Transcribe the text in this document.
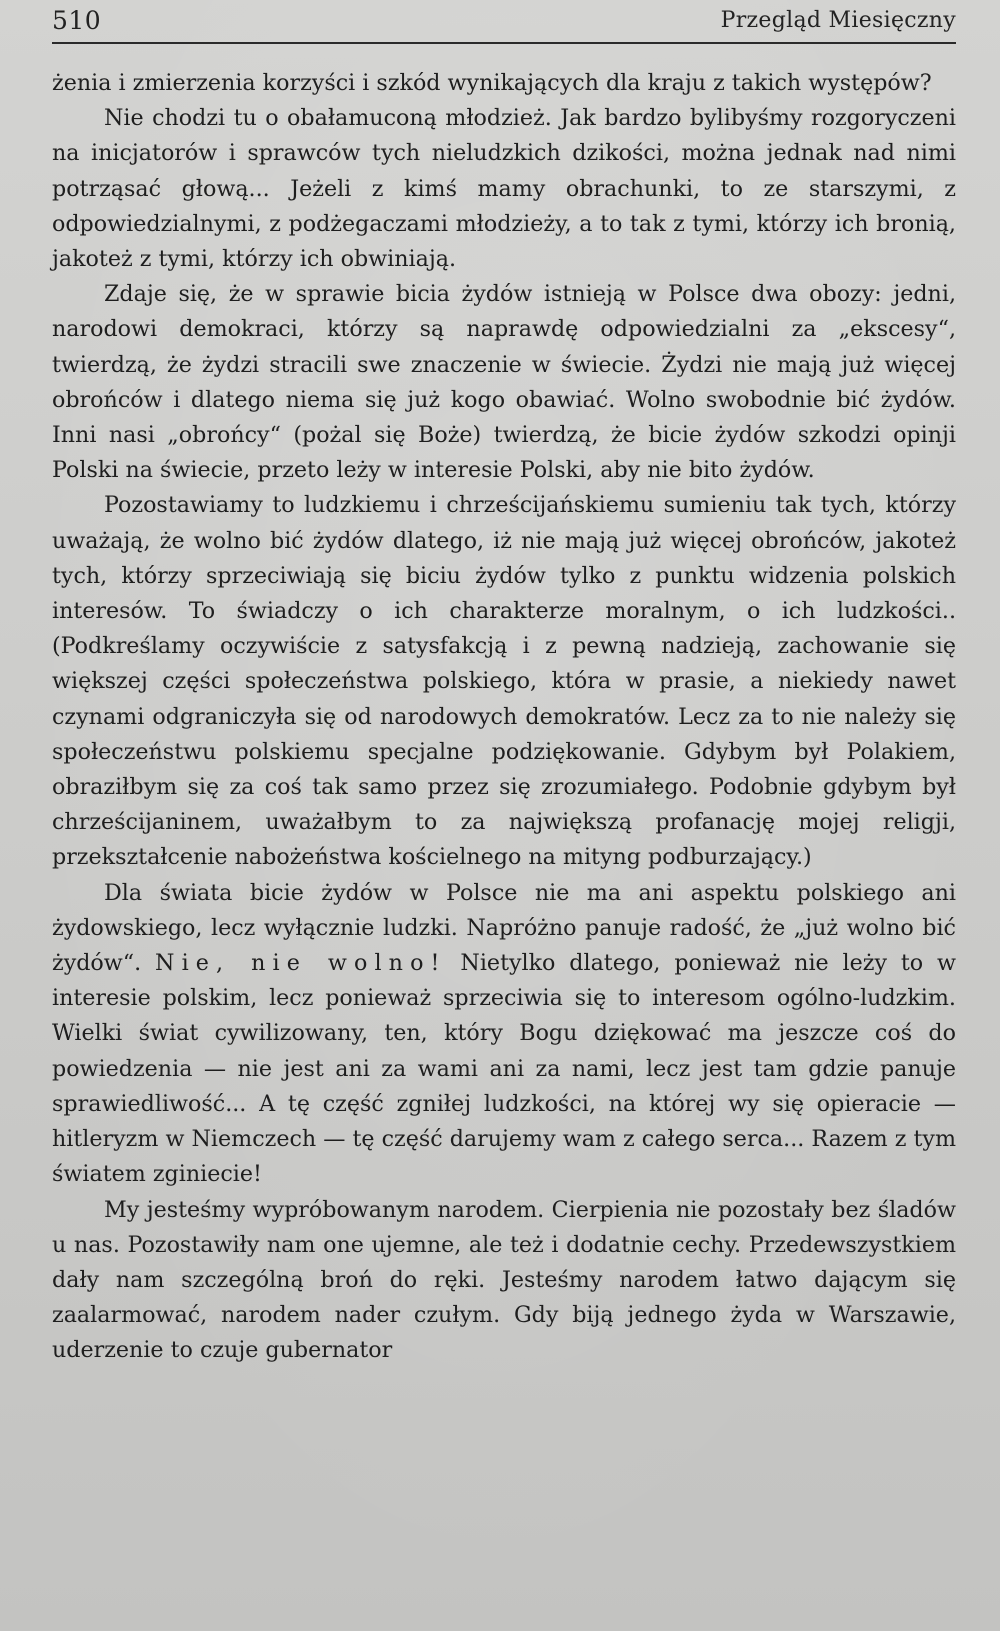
510	Przegląd Miesięczny

żenia i zmierzenia korzyści i szkód wynikających dla kraju z takich występów?

Nie chodzi tu o obałamuconą młodzież. Jak bardzo bylibyśmy rozgoryczeni na inicjatorów i sprawców tych nieludzkich dzikości, można jednak nad nimi potrząsać głową... Jeżeli z kimś mamy obrachunki, to ze starszymi, z odpowiedzialnymi, z podżegaczami młodzieży, a to tak z tymi, którzy ich bronią, jakoteż z tymi, którzy ich obwiniają.

Zdaje się, że w sprawie bicia żydów istnieją w Polsce dwa obozy: jedni, narodowi demokraci, którzy są naprawdę odpowiedzialni za „ekscesy“, twierdzą, że żydzi stracili swe znaczenie w świecie. Żydzi nie mają już więcej obrońców i dlatego niema się już kogo obawiać. Wolno swobodnie bić żydów. Inni nasi „obrońcy“ (pożal się Boże) twierdzą, że bicie żydów szkodzi opinji Polski na świecie, przeto leży w interesie Polski, aby nie bito żydów.

Pozostawiamy to ludzkiemu i chrześcijańskiemu sumieniu tak tych, którzy uważają, że wolno bić żydów dlatego, iż nie mają już więcej obrońców, jakoteż tych, którzy sprzeciwiają się biciu żydów tylko z punktu widzenia polskich interesów. To świadczy o ich charakterze moralnym, o ich ludzkości.. (Podkreślamy oczywiście z satysfakcją i z pewną nadzieją, zachowanie się większej części społeczeństwa polskiego, która w prasie, a niekiedy nawet czynami odgraniczyła się od narodowych demokratów. Lecz za to nie należy się społeczeństwu polskiemu specjalne podziękowanie. Gdybym był Polakiem, obraziłbym się za coś tak samo przez się zrozumiałego. Podobnie gdybym był chrześcijaninem, uważałbym to za największą profanację mojej religji, przekształcenie nabożeństwa kościelnego na mityng podburzający.)

Dla świata bicie żydów w Polsce nie ma ani aspektu polskiego ani żydowskiego, lecz wyłącznie ludzki. Napróżno panuje radość, że „już wolno bić żydów“. Nie, nie wolno! Nietylko dlatego, ponieważ nie leży to w interesie polskim, lecz ponieważ sprzeciwia się to interesom ogólno-ludzkim. Wielki świat cywilizowany, ten, który Bogu dziękować ma jeszcze coś do powiedzenia — nie jest ani za wami ani za nami, lecz jest tam gdzie panuje sprawiedliwość... A tę część zgniłej ludzkości, na której wy się opieracie — hitleryzm w Niemczech — tę część darujemy wam z całego serca... Razem z tym światem zginiecie!

My jesteśmy wypróbowanym narodem. Cierpienia nie pozostały bez śladów u nas. Pozostawiły nam one ujemne, ale też i dodatnie cechy. Przedewszystkiem dały nam szczególną broń do ręki. Jesteśmy narodem łatwo dającym się zaalarmować, narodem nader czułym. Gdy biją jednego żyda w Warszawie, uderzenie to czuje gubernator
